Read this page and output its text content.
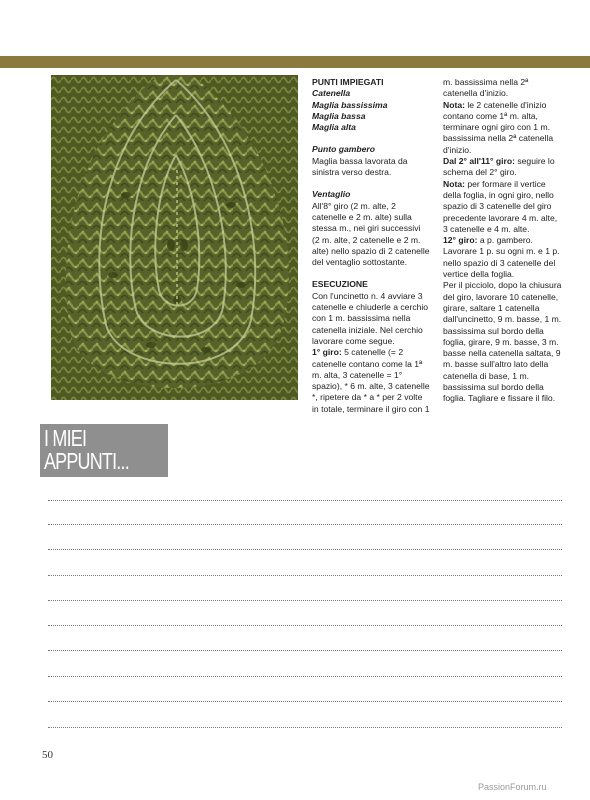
PUNTI IMPIEGATI

Catenella

Maglia bassissima

Maglia bassa

Maglia alta

Punto gambero

Maglia bassa lavorata da sinistra verso destra.

Ventaglio

All'8° giro (2 m. alte, 2 catenelle e 2 m. alte) sulla stessa m., nei giri successivi (2 m. alte, 2 catenelle e 2 m. alte) nello spazio di 2 catenelle del ventaglio sottostante.

ESECUZIONE

Con l'uncinetto n. 4 avviare 3 catenelle e chiuderle a cerchio con 1 m. bassissima nella catenella iniziale. Nel cerchio lavorare come segue.

1° giro: 5 catenelle (= 2 catenelle contano come la 1ª m. alta, 3 catenelle = 1° spazio), * 6 m. alte, 3 catenelle *, ripetere da * a * per 2 volte in totale, terminare il giro con 1

m. bassissima nella 2ª catenella d'inizio.

Nota: le 2 catenelle d'inizio contano come 1ª m. alta, terminare ogni giro con 1 m. bassissima nella 2ª catenella d'inizio.

Dal 2° all'11° giro: seguire lo schema del 2° giro.

Nota: per formare il vertice della foglia, in ogni giro, nello spazio di 3 catenelle del giro precedente lavorare 4 m. alte, 3 catenelle e 4 m. alte.

12° giro: a p. gambero.

Lavorare 1 p. su ogni m. e 1 p. nello spazio di 3 catenelle del vertice della foglia.

Per il picciolo, dopo la chiusura del giro, lavorare 10 catenelle, girare, saltare 1 catenella dall'uncinetto, 9 m. basse, 1 m. bassissima sul bordo della foglia, girare, 9 m. basse, 3 m. basse nella catenella saltata, 9 m. basse sull'altro lato della catenella di base, 1 m. bassissima sul bordo della foglia. Tagliare e fissare il filo.

I MIEI
APPUNTI...
50
PassionForum.ru
